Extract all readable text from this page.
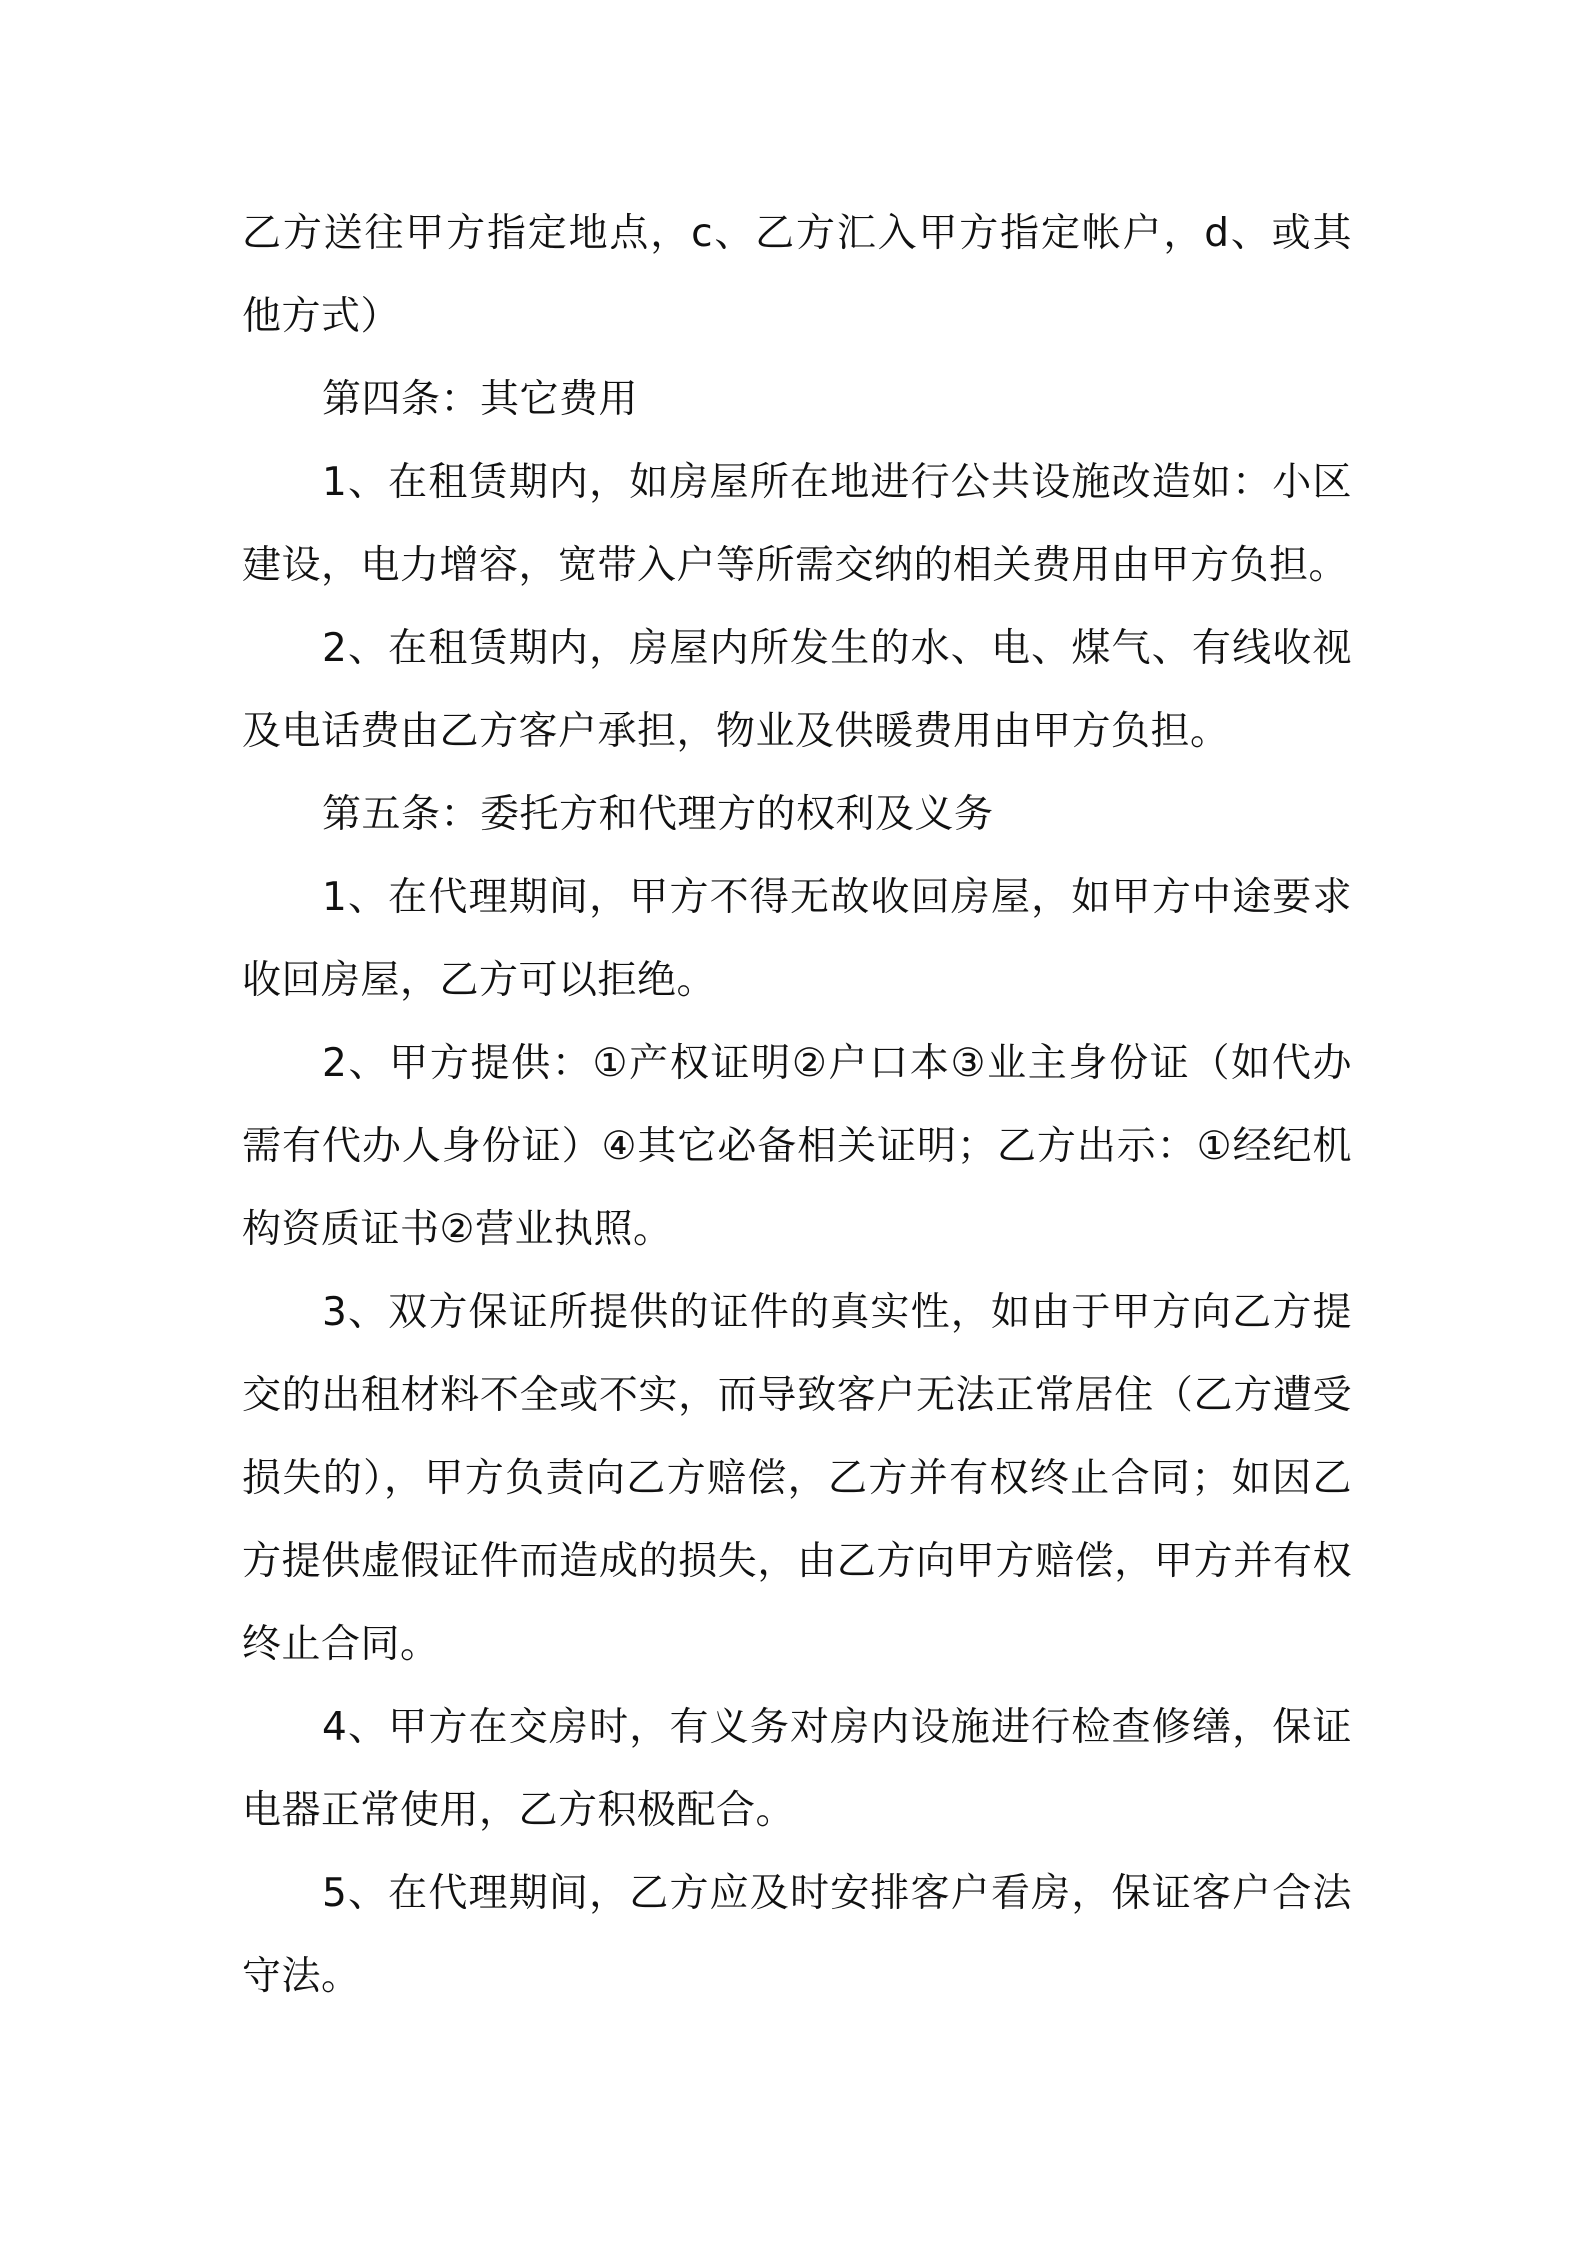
乙方送往甲方指定地点，c、乙方汇入甲方指定帐户，d、或其他方式）

第四条：其它费用

1、在租赁期内，如房屋所在地进行公共设施改造如：小区建设，电力增容，宽带入户等所需交纳的相关费用由甲方负担。

2、在租赁期内，房屋内所发生的水、电、煤气、有线收视及电话费由乙方客户承担，物业及供暖费用由甲方负担。

第五条：委托方和代理方的权利及义务

1、在代理期间，甲方不得无故收回房屋，如甲方中途要求收回房屋，乙方可以拒绝。

2、甲方提供：①产权证明②户口本③业主身份证（如代办需有代办人身份证）④其它必备相关证明；乙方出示：①经纪机构资质证书②营业执照。

3、双方保证所提供的证件的真实性，如由于甲方向乙方提交的出租材料不全或不实，而导致客户无法正常居住（乙方遭受损失的），甲方负责向乙方赔偿，乙方并有权终止合同；如因乙方提供虚假证件而造成的损失，由乙方向甲方赔偿，甲方并有权终止合同。

4、甲方在交房时，有义务对房内设施进行检查修缮，保证电器正常使用，乙方积极配合。

5、在代理期间，乙方应及时安排客户看房，保证客户合法守法。
